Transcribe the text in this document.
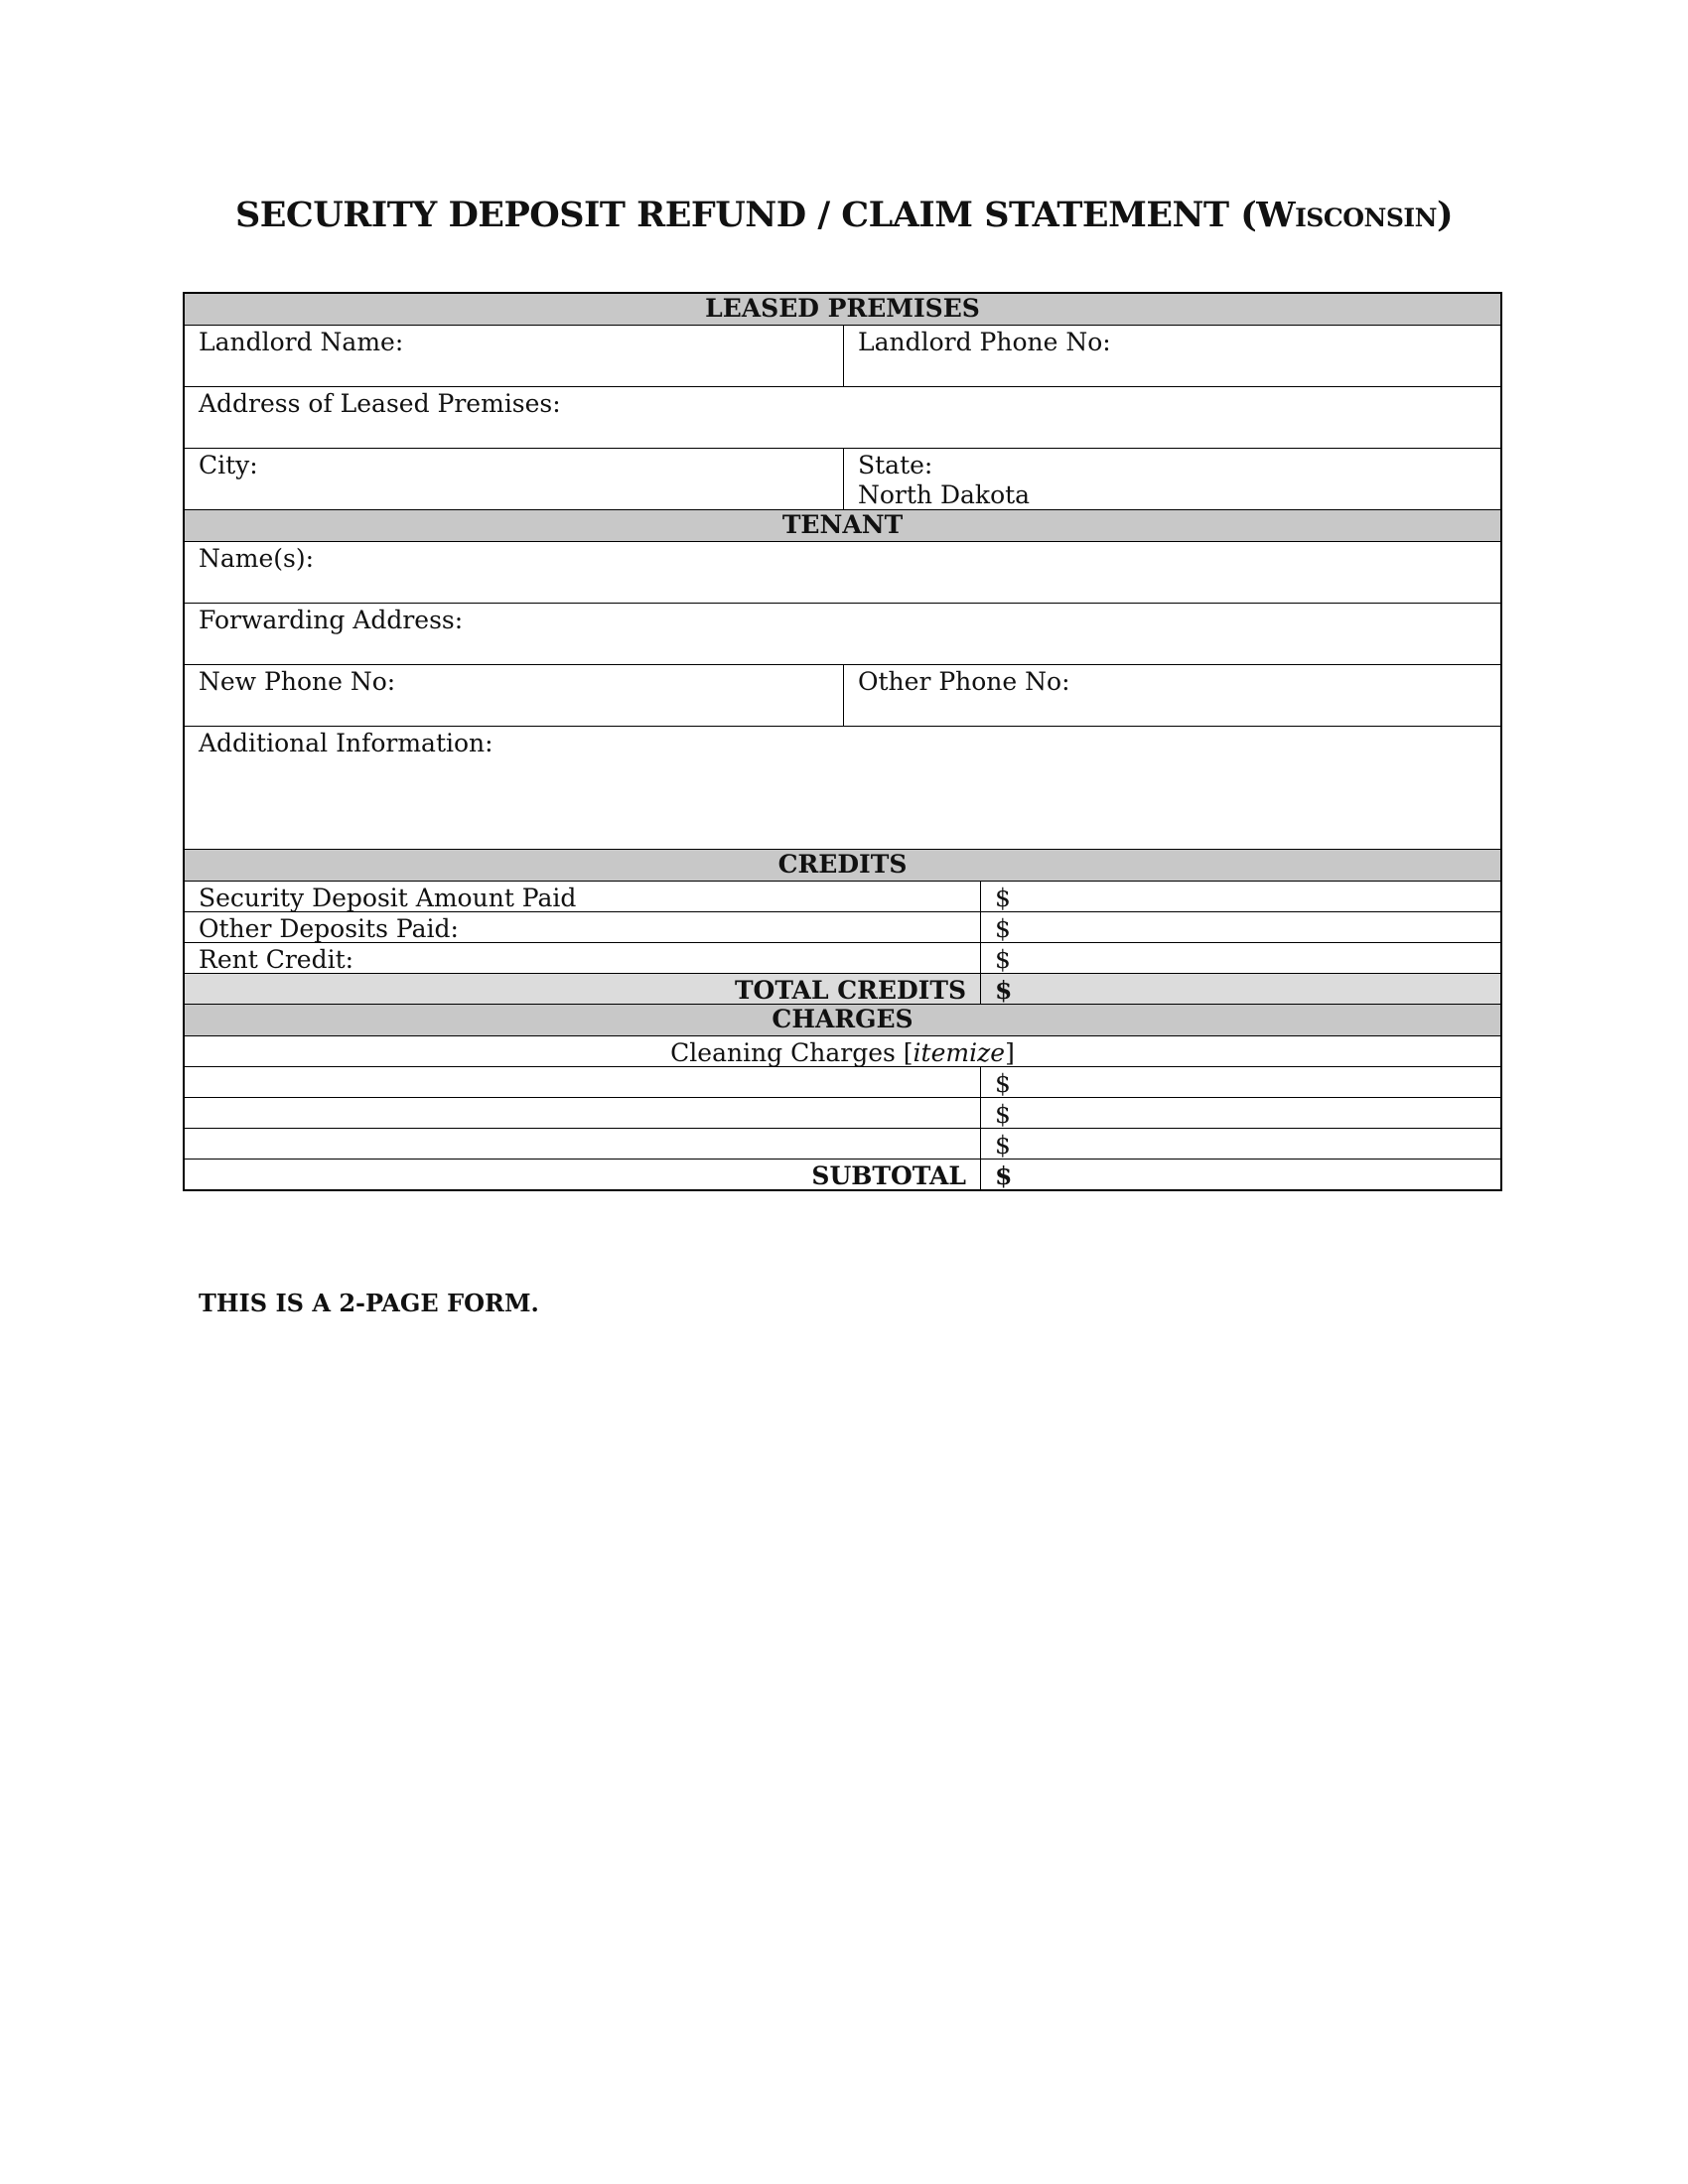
SECURITY DEPOSIT REFUND / CLAIM STATEMENT (Wisconsin)
LEASED PREMISES
Landlord Name:	Landlord Phone No:
Address of Leased Premises:
City:	State:
North Dakota
TENANT
Name(s):
Forwarding Address:
New Phone No:	Other Phone No:
Additional Information:
CREDITS
Security Deposit Amount Paid	$
Other Deposits Paid:	$
Rent Credit:	$
TOTAL CREDITS	$
CHARGES
Cleaning Charges [itemize]
$
$
$
SUBTOTAL	$

THIS IS A 2-PAGE FORM.
